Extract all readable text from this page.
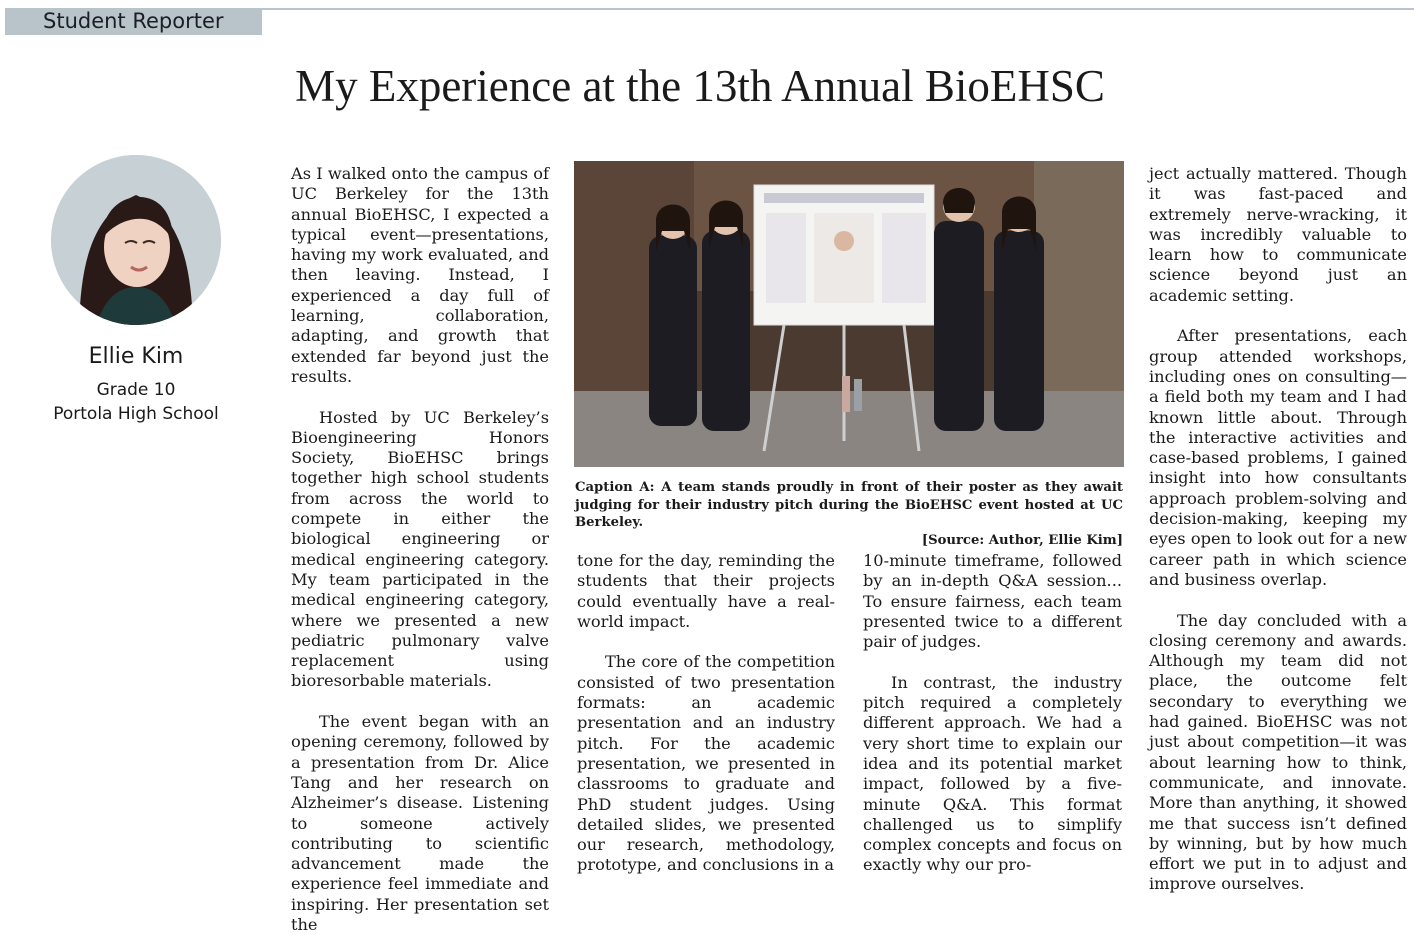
Student Reporter
My Experience at the 13th Annual BioEHSC
Ellie Kim
Grade 10
Portola High School

As I walked onto the campus of UC Berkeley for the 13th annual BioEHSC, I expected a typical event—presentations, having my work evaluated, and then leaving. Instead, I experienced a day full of learning, collaboration, adapting, and growth that extended far beyond just the results.

Hosted by UC Berkeley’s Bioengineering Honors Society, BioEHSC brings together high school students from across the world to compete in either the biological engineering or medical engineering category. My team participated in the medical engineering category, where we presented a new pediatric pulmonary valve replacement using bioresorbable materials.

The event began with an opening ceremony, followed by a presentation from Dr. Alice Tang and her research on Alzheimer’s disease. Listening to someone actively contributing to scientific advancement made the experience feel immediate and inspiring. Her presentation set the

Caption A: A team stands proudly in front of their poster as they await judging for their industry pitch during the BioEHSC event hosted at UC Berkeley.
[Source: Author, Ellie Kim]

tone for the day, reminding the students that their projects could eventually have a real-world impact.

The core of the competition consisted of two presentation formats: an academic presentation and an industry pitch. For the academic presentation, we presented in classrooms to graduate and PhD student judges. Using detailed slides, we presented our research, methodology, prototype, and conclusions in a

10-minute timeframe, followed by an in-depth Q&A session... To ensure fairness, each team presented twice to a different pair of judges.

In contrast, the industry pitch required a completely different approach. We had a very short time to explain our idea and its potential market impact, followed by a five-minute Q&A. This format challenged us to simplify complex concepts and focus on exactly why our pro-

ject actually mattered. Though it was fast-paced and extremely nerve-wracking, it was incredibly valuable to learn how to communicate science beyond just an academic setting.

After presentations, each group attended workshops, including ones on consulting—a field both my team and I had known little about. Through the interactive activities and case-based problems, I gained insight into how consultants approach problem-solving and decision-making, keeping my eyes open to look out for a new career path in which science and business overlap.

The day concluded with a closing ceremony and awards. Although my team did not place, the outcome felt secondary to everything we had gained. BioEHSC was not just about competition—it was about learning how to think, communicate, and innovate. More than anything, it showed me that success isn’t defined by winning, but by how much effort we put in to adjust and improve ourselves.
